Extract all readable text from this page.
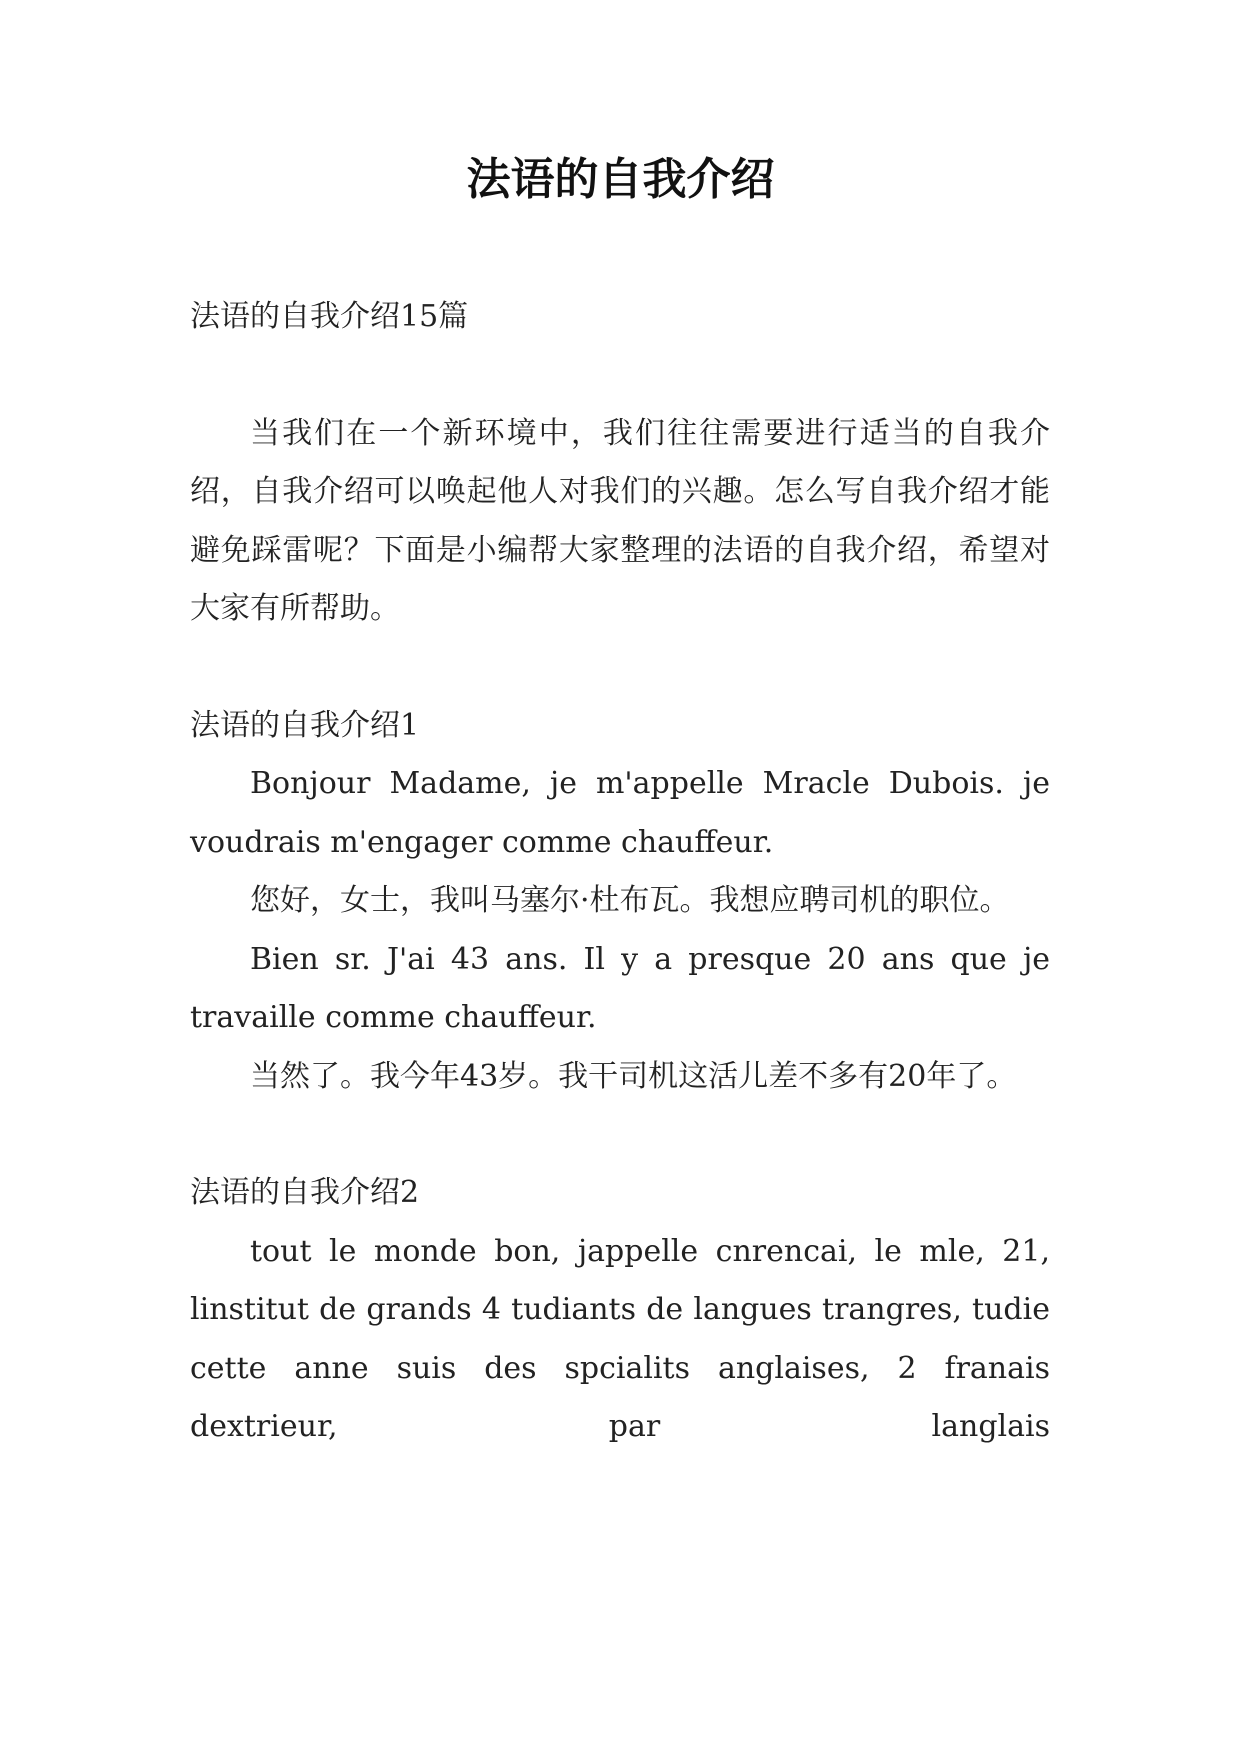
法语的自我介绍

法语的自我介绍15篇

当我们在一个新环境中，我们往往需要进行适当的自我介绍，自我介绍可以唤起他人对我们的兴趣。怎么写自我介绍才能避免踩雷呢？下面是小编帮大家整理的法语的自我介绍，希望对大家有所帮助。

法语的自我介绍1

Bonjour Madame, je m'appelle Mracle Dubois. je voudrais m'engager comme chauffeur.

您好，女士，我叫马塞尔·杜布瓦。我想应聘司机的职位。

Bien sr. J'ai 43 ans. Il y a presque 20 ans que je travaille comme chauffeur.

当然了。我今年43岁。我干司机这活儿差不多有20年了。

法语的自我介绍2

tout le monde bon, jappelle cnrencai, le mle, 21, linstitut de grands 4 tudiants de langues trangres, tudie cette anne suis des spcialits anglaises, 2 franais dextrieur, par langlais
